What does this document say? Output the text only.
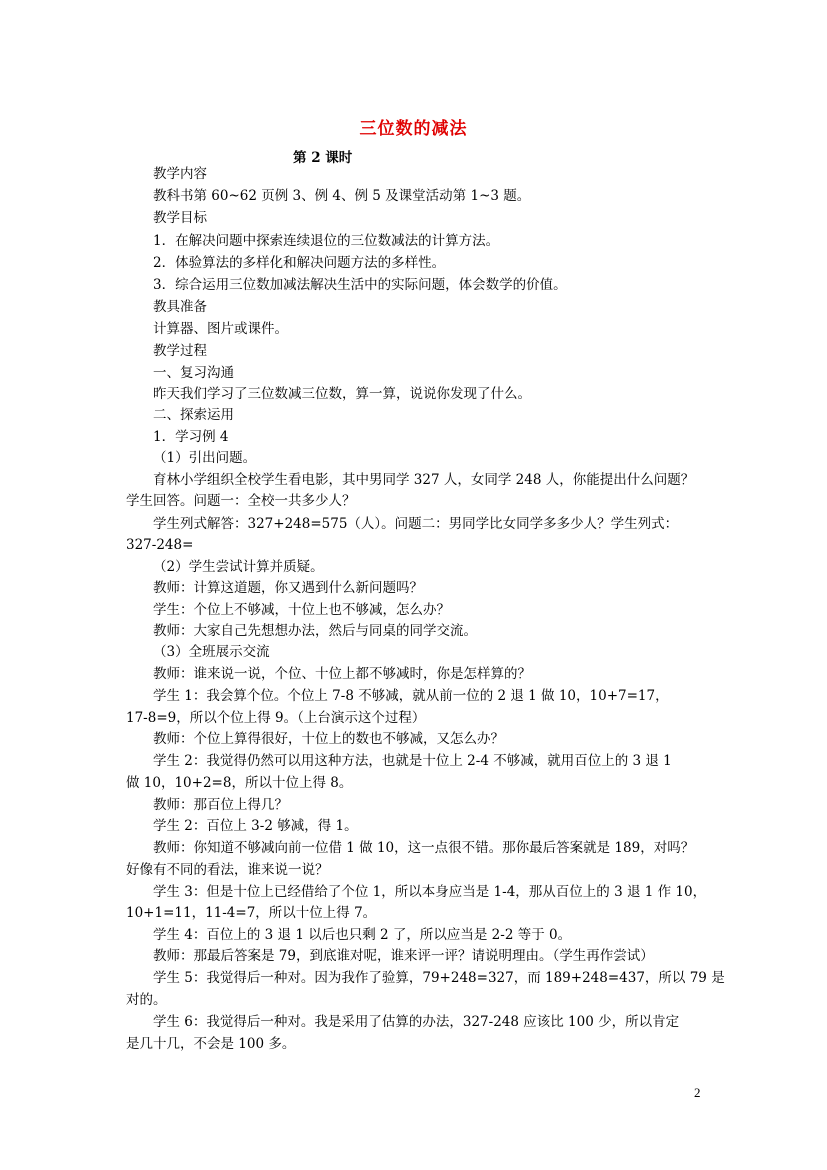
三位数的减法
第 2 课时
教学内容
教科书第 60~62 页例 3、例 4、例 5 及课堂活动第 1~3 题。
教学目标
1．在解决问题中探索连续退位的三位数减法的计算方法。
2．体验算法的多样化和解决问题方法的多样性。
3．综合运用三位数加减法解决生活中的实际问题，体会数学的价值。
教具准备
计算器、图片或课件。
教学过程
一、复习沟通
昨天我们学习了三位数减三位数，算一算，说说你发现了什么。
二、探索运用
1．学习例 4
（1）引出问题。
育林小学组织全校学生看电影，其中男同学 327 人，女同学 248 人，你能提出什么问题？
学生回答。问题一：全校一共多少人？
学生列式解答：327+248=575（人）。问题二：男同学比女同学多多少人？学生列式：
327-248=
（2）学生尝试计算并质疑。
教师：计算这道题，你又遇到什么新问题吗？
学生：个位上不够减，十位上也不够减，怎么办？
教师：大家自己先想想办法，然后与同桌的同学交流。
（3）全班展示交流
教师：谁来说一说，个位、十位上都不够减时，你是怎样算的？
学生 1：我会算个位。个位上 7-8 不够减，就从前一位的 2 退 1 做 10，10+7=17，
17-8=9，所以个位上得 9。（上台演示这个过程）
教师：个位上算得很好，十位上的数也不够减，又怎么办？
学生 2：我觉得仍然可以用这种方法，也就是十位上 2-4 不够减，就用百位上的 3 退 1
做 10，10+2=8，所以十位上得 8。
教师：那百位上得几？
学生 2：百位上 3-2 够减，得 1。
教师：你知道不够减向前一位借 1 做 10，这一点很不错。那你最后答案就是 189，对吗？
好像有不同的看法，谁来说一说？
学生 3：但是十位上已经借给了个位 1，所以本身应当是 1-4，那从百位上的 3 退 1 作 10，
10+1=11，11-4=7，所以十位上得 7。
学生 4：百位上的 3 退 1 以后也只剩 2 了，所以应当是 2-2 等于 0。
教师：那最后答案是 79，到底谁对呢，谁来评一评？请说明理由。（学生再作尝试）
学生 5：我觉得后一种对。因为我作了验算，79+248=327，而 189+248=437，所以 79 是
对的。
学生 6：我觉得后一种对。我是采用了估算的办法，327-248 应该比 100 少，所以肯定
是几十几，不会是 100 多。
2
